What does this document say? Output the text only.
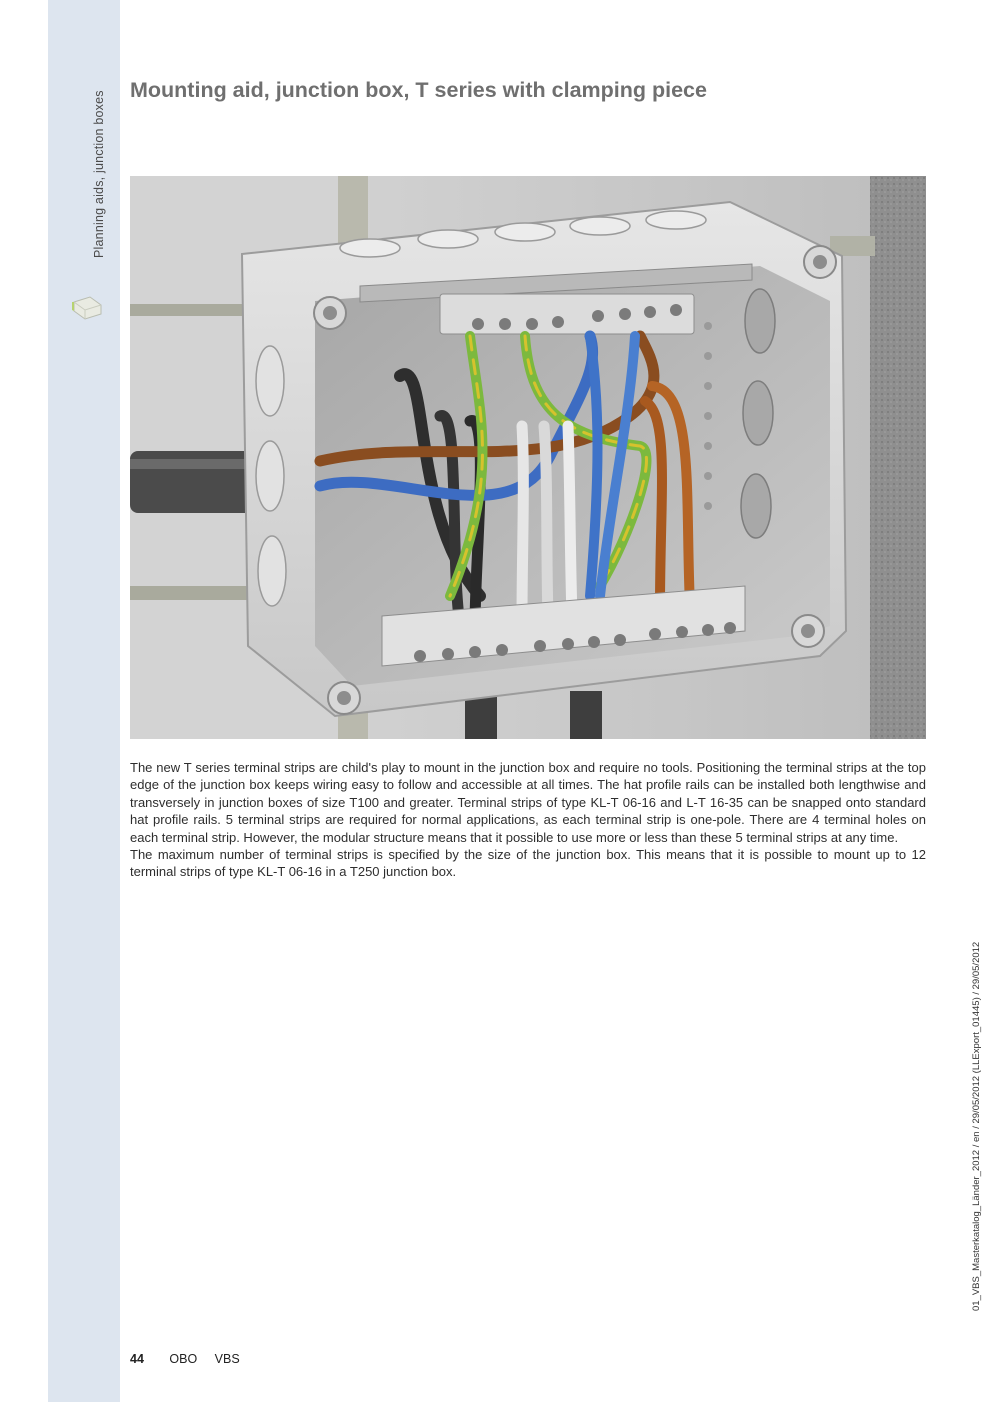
Planning aids, junction boxes
Mounting aid, junction box, T series with clamping piece

The new T series terminal strips are child's play to mount in the junction box and require no tools. Positioning the terminal strips at the top edge of the junction box keeps wiring easy to follow and accessible at all times. The hat profile rails can be installed both lengthwise and transversely in junction boxes of size T100 and greater. Terminal strips of type KL-T 06-16 and L-T 16-35 can be snapped onto standard hat profile rails. 5 terminal strips are required for normal applications, as each terminal strip is one-pole. There are 4 terminal holes on each terminal strip. However, the modular structure means that it possible to use more or less than these 5 terminal strips at any time.

The maximum number of terminal strips is specified by the size of the junction box. This means that it is possible to mount up to 12 terminal strips of type KL-T 06-16 in a T250 junction box.

01_VBS_Masterkatalog_Länder_2012 / en / 29/05/2012 (LLExport_01445) / 29/05/2012
44 OBO VBS
